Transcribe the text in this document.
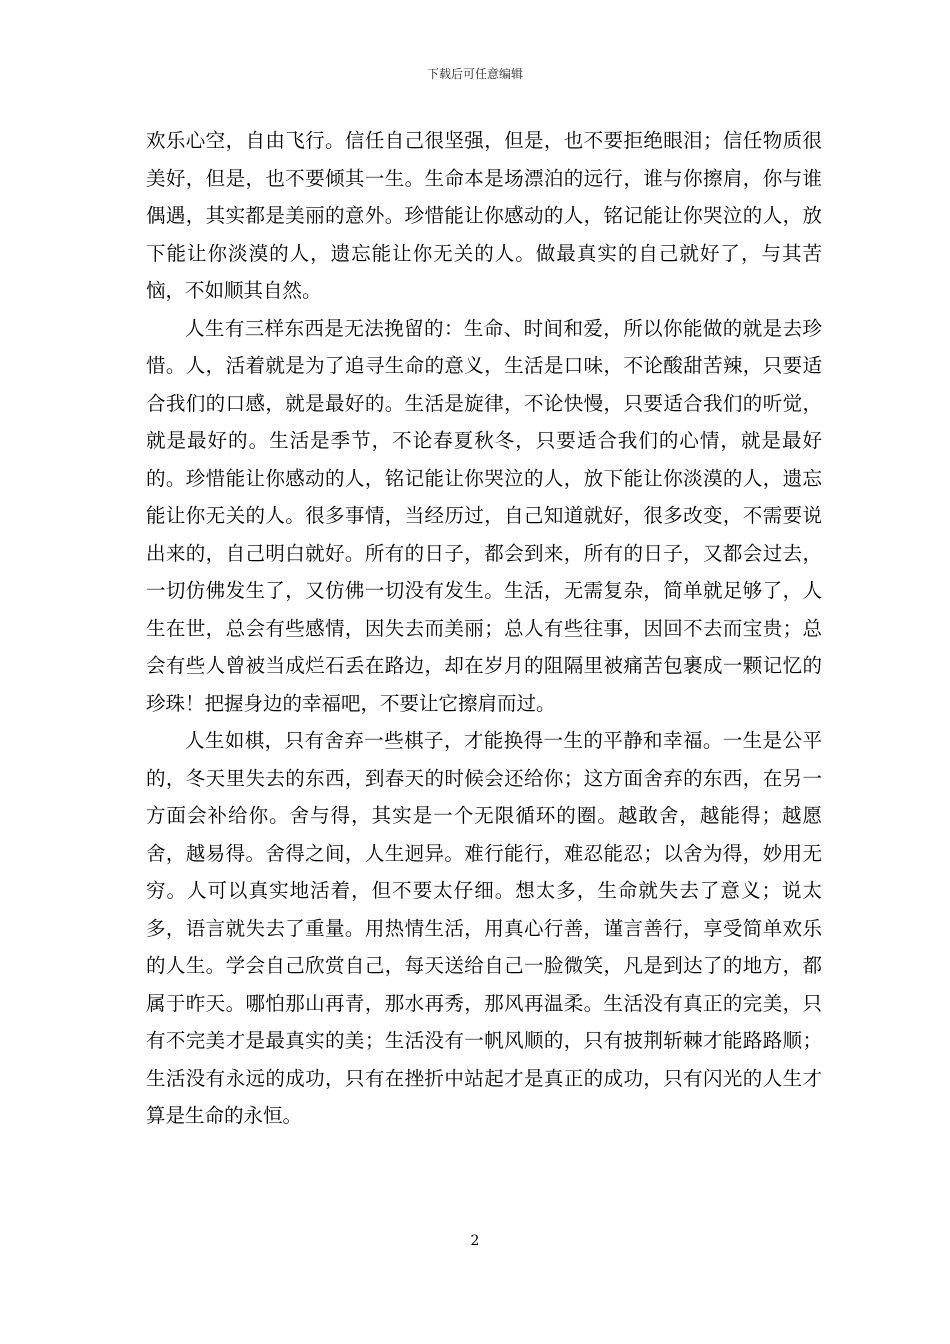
下载后可任意编辑

欢乐心空，自由飞行。信任自己很坚强，但是，也不要拒绝眼泪；信任物质很美好，但是，也不要倾其一生。生命本是场漂泊的远行，谁与你擦肩，你与谁偶遇，其实都是美丽的意外。珍惜能让你感动的人，铭记能让你哭泣的人，放下能让你淡漠的人，遗忘能让你无关的人。做最真实的自己就好了，与其苦恼，不如顺其自然。

人生有三样东西是无法挽留的：生命、时间和爱，所以你能做的就是去珍惜。人，活着就是为了追寻生命的意义，生活是口味，不论酸甜苦辣，只要适合我们的口感，就是最好的。生活是旋律，不论快慢，只要适合我们的听觉，就是最好的。生活是季节，不论春夏秋冬，只要适合我们的心情，就是最好的。珍惜能让你感动的人，铭记能让你哭泣的人，放下能让你淡漠的人，遗忘能让你无关的人。很多事情，当经历过，自己知道就好，很多改变，不需要说出来的，自己明白就好。所有的日子，都会到来，所有的日子，又都会过去，一切仿佛发生了，又仿佛一切没有发生。生活，无需复杂，简单就足够了，人生在世，总会有些感情，因失去而美丽；总人有些往事，因回不去而宝贵；总会有些人曾被当成烂石丢在路边，却在岁月的阻隔里被痛苦包裹成一颗记忆的珍珠！把握身边的幸福吧，不要让它擦肩而过。

人生如棋，只有舍弃一些棋子，才能换得一生的平静和幸福。一生是公平的，冬天里失去的东西，到春天的时候会还给你；这方面舍弃的东西，在另一方面会补给你。舍与得，其实是一个无限循环的圈。越敢舍，越能得；越愿舍，越易得。舍得之间，人生迥异。难行能行，难忍能忍；以舍为得，妙用无穷。人可以真实地活着，但不要太仔细。想太多，生命就失去了意义；说太多，语言就失去了重量。用热情生活，用真心行善，谨言善行，享受简单欢乐的人生。学会自己欣赏自己，每天送给自己一脸微笑，凡是到达了的地方，都属于昨天。哪怕那山再青，那水再秀，那风再温柔。生活没有真正的完美，只有不完美才是最真实的美；生活没有一帆风顺的，只有披荆斩棘才能路路顺；生活没有永远的成功，只有在挫折中站起才是真正的成功，只有闪光的人生才算是生命的永恒。

2
